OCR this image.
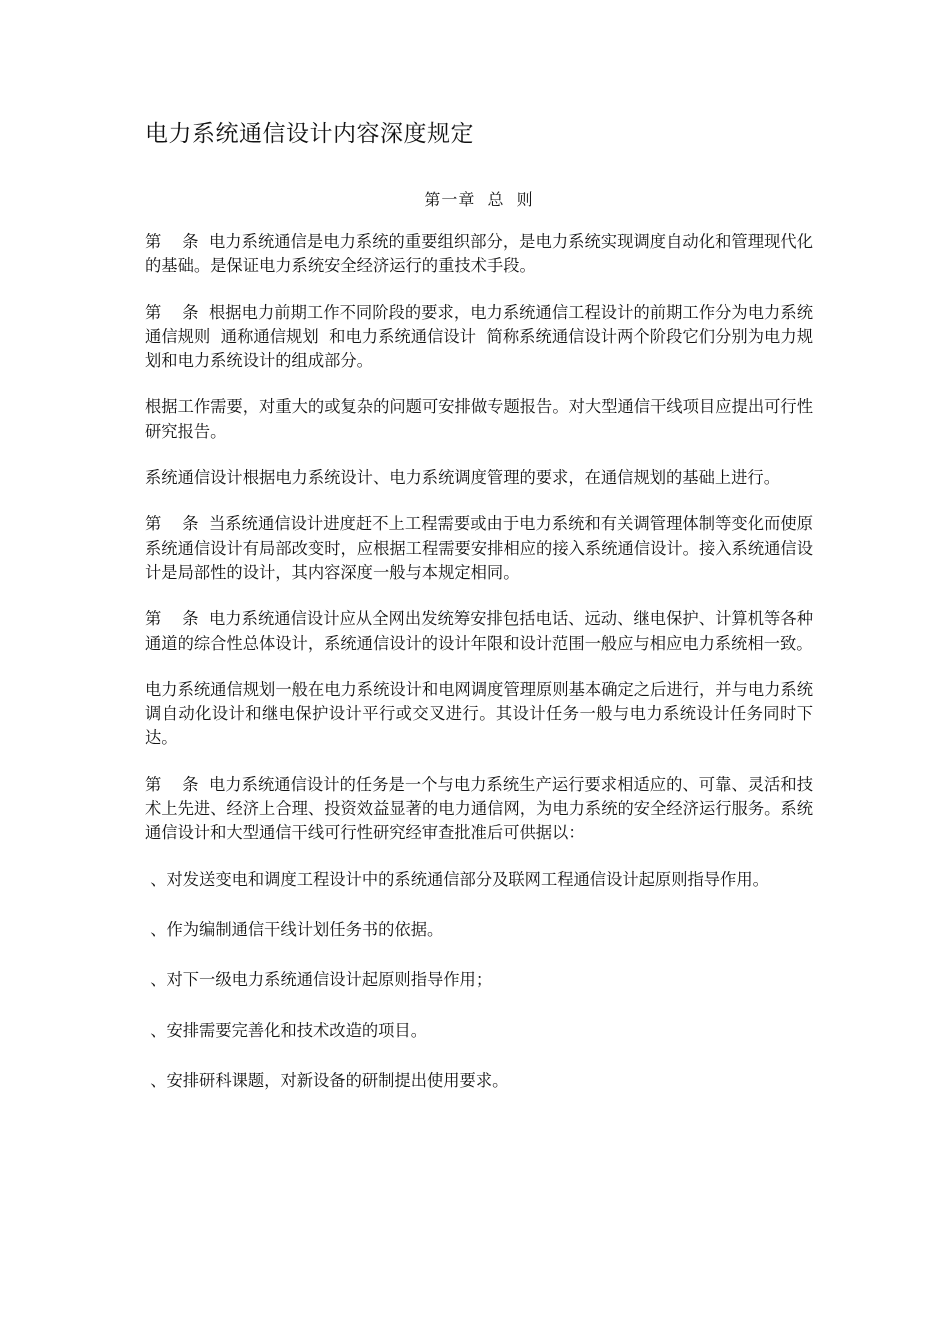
电力系统通信设计内容深度规定
第一章  总  则

第    条  电力系统通信是电力系统的重要组织部分，是电力系统实现调度自动化和管理现代化的基础。是保证电力系统安全经济运行的重技术手段。

第    条  根据电力前期工作不同阶段的要求，电力系统通信工程设计的前期工作分为电力系统通信规则  通称通信规划  和电力系统通信设计  简称系统通信设计两个阶段它们分别为电力规划和电力系统设计的组成部分。

根据工作需要，对重大的或复杂的问题可安排做专题报告。对大型通信干线项目应提出可行性研究报告。

系统通信设计根据电力系统设计、电力系统调度管理的要求，在通信规划的基础上进行。

第    条  当系统通信设计进度赶不上工程需要或由于电力系统和有关调管理体制等变化而使原系统通信设计有局部改变时，应根据工程需要安排相应的接入系统通信设计。接入系统通信设计是局部性的设计，其内容深度一般与本规定相同。

第    条  电力系统通信设计应从全网出发统筹安排包括电话、远动、继电保护、计算机等各种通道的综合性总体设计，系统通信设计的设计年限和设计范围一般应与相应电力系统相一致。

电力系统通信规划一般在电力系统设计和电网调度管理原则基本确定之后进行，并与电力系统调自动化设计和继电保护设计平行或交叉进行。其设计任务一般与电力系统设计任务同时下达。

第    条  电力系统通信设计的任务是一个与电力系统生产运行要求相适应的、可靠、灵活和技术上先进、经济上合理、投资效益显著的电力通信网，为电力系统的安全经济运行服务。系统通信设计和大型通信干线可行性研究经审查批准后可供据以：

、对发送变电和调度工程设计中的系统通信部分及联网工程通信设计起原则指导作用。

、作为编制通信干线计划任务书的依据。

、对下一级电力系统通信设计起原则指导作用；

、安排需要完善化和技术改造的项目。

、安排研科课题，对新设备的研制提出使用要求。
